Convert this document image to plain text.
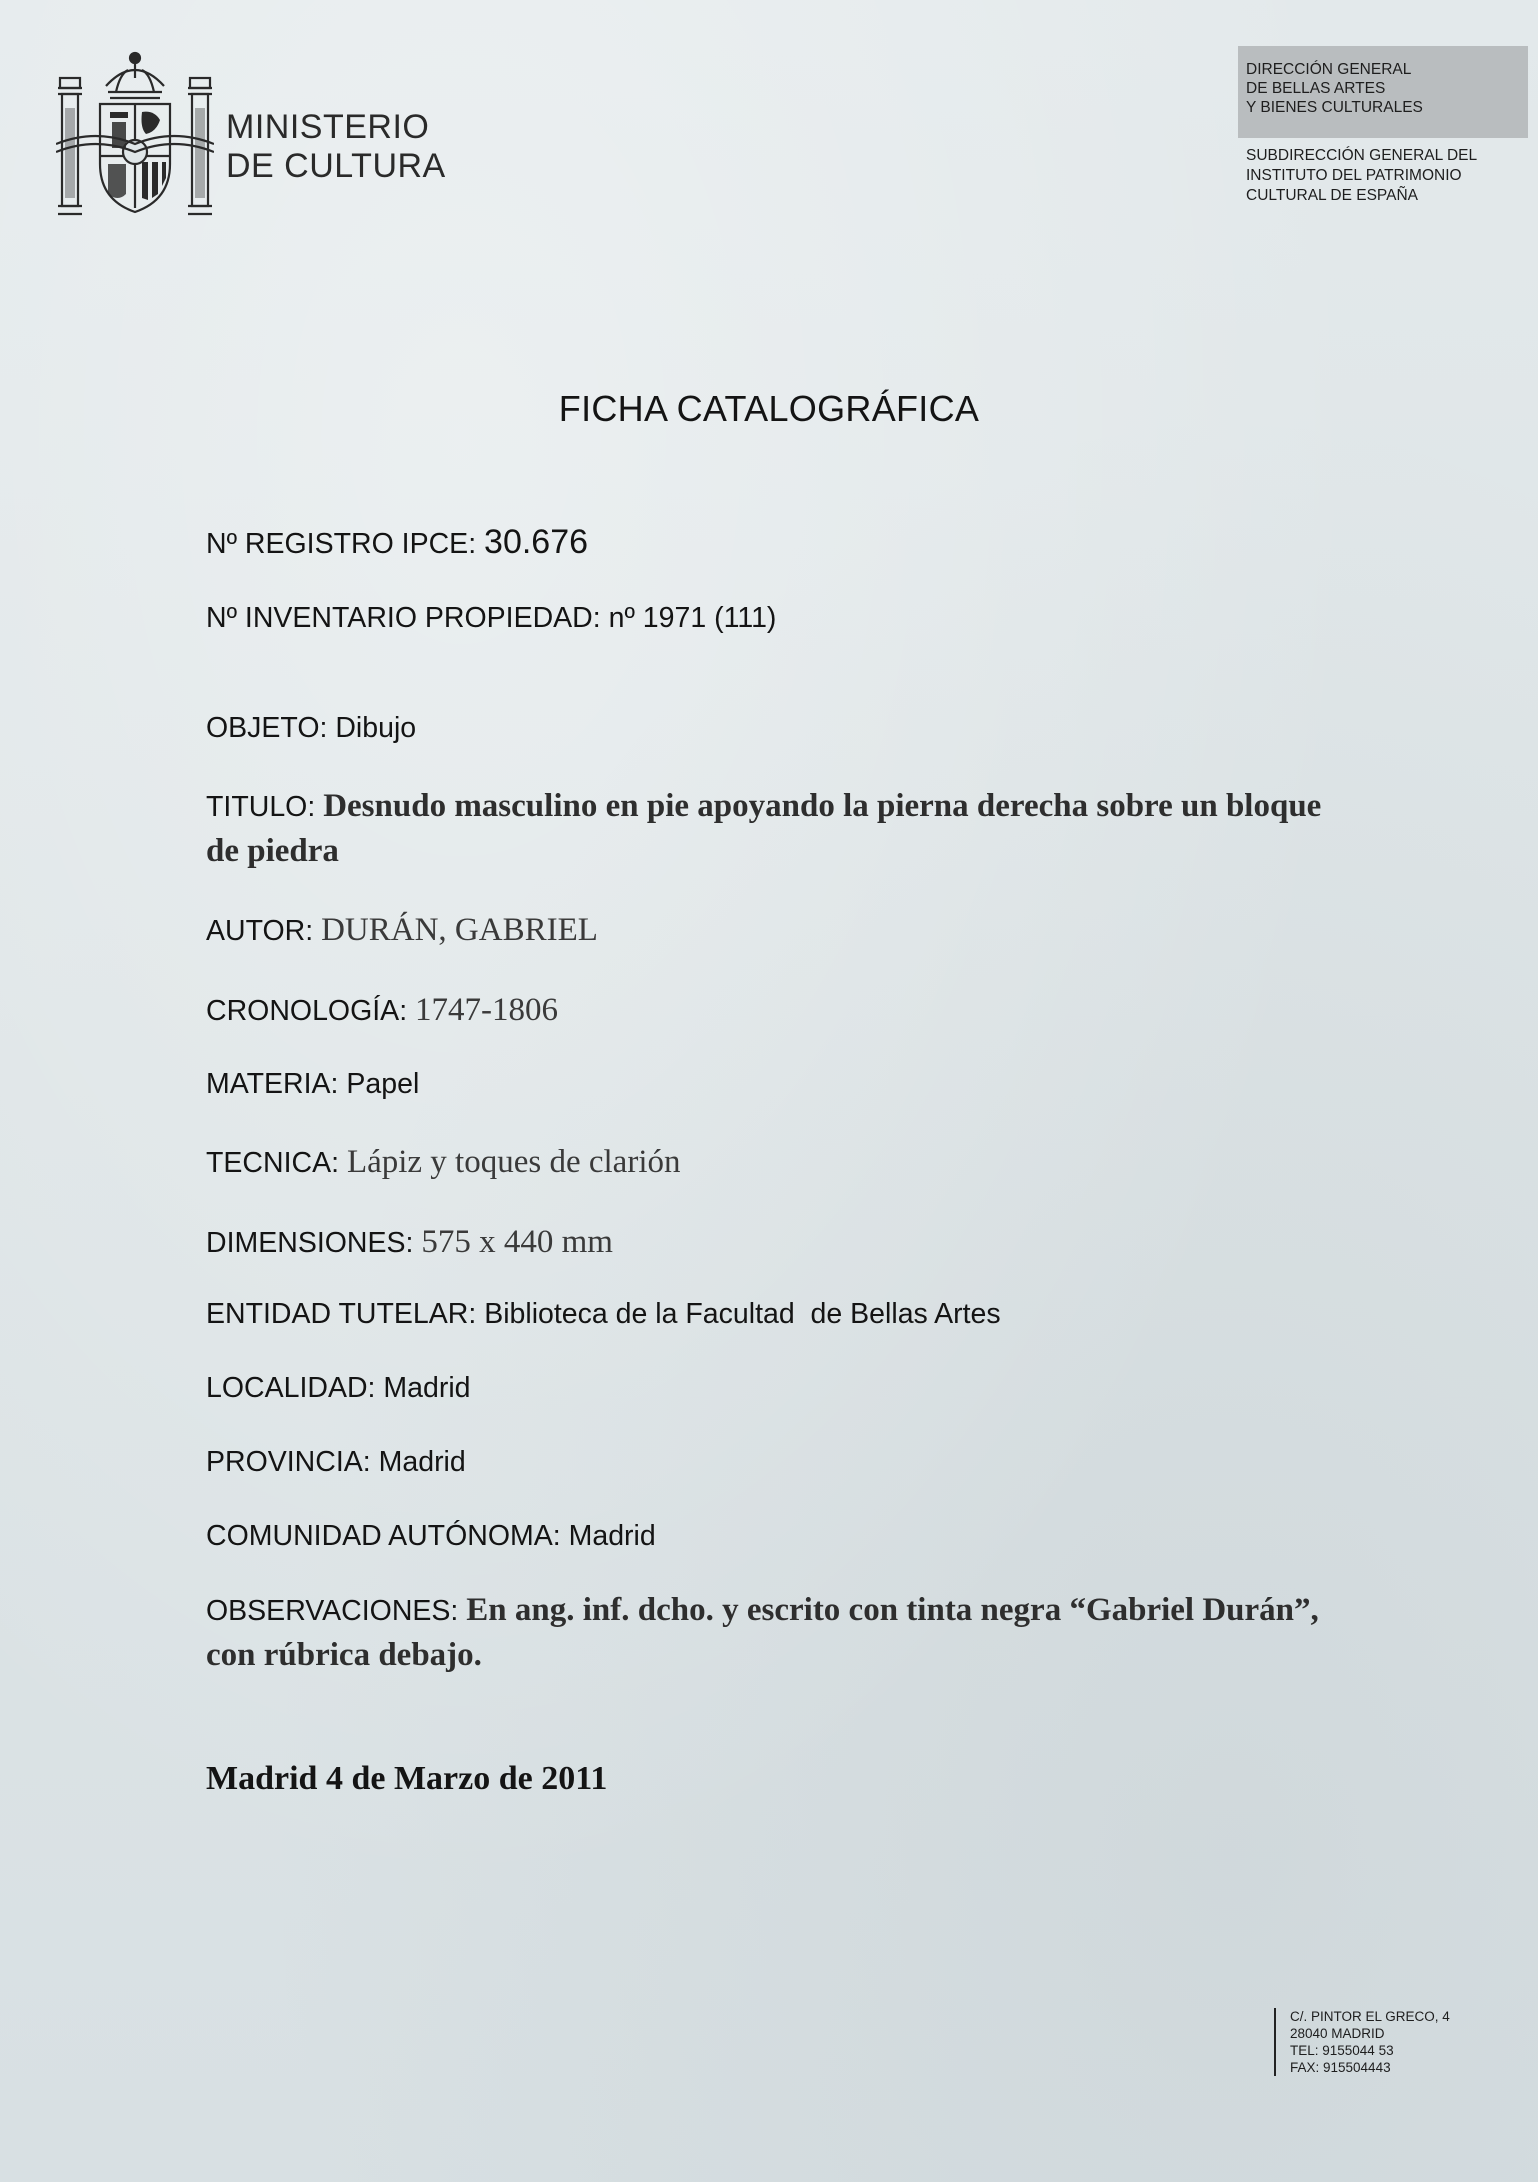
MINISTERIO
DE CULTURA
DIRECCIÓN GENERAL
DE BELLAS ARTES
Y BIENES CULTURALES
SUBDIRECCIÓN GENERAL DEL
INSTITUTO DEL PATRIMONIO
CULTURAL DE ESPAÑA
FICHA CATALOGRÁFICA
Nº REGISTRO IPCE: 30.676
Nº INVENTARIO PROPIEDAD: nº 1971 (111)
OBJETO: Dibujo
TITULO: Desnudo masculino en pie apoyando la pierna derecha sobre un bloque de piedra
AUTOR: DURÁN, GABRIEL
CRONOLOGÍA: 1747-1806
MATERIA: Papel
TECNICA: Lápiz y toques de clarión
DIMENSIONES: 575 x 440 mm
ENTIDAD TUTELAR: Biblioteca de la Facultad  de Bellas Artes
LOCALIDAD: Madrid
PROVINCIA: Madrid
COMUNIDAD AUTÓNOMA: Madrid
OBSERVACIONES: En ang. inf. dcho. y escrito con tinta negra “Gabriel Durán”, con rúbrica debajo.
Madrid 4 de Marzo de 2011
C/. PINTOR EL GRECO, 4
28040 MADRID
TEL: 9155044 53
FAX: 915504443
